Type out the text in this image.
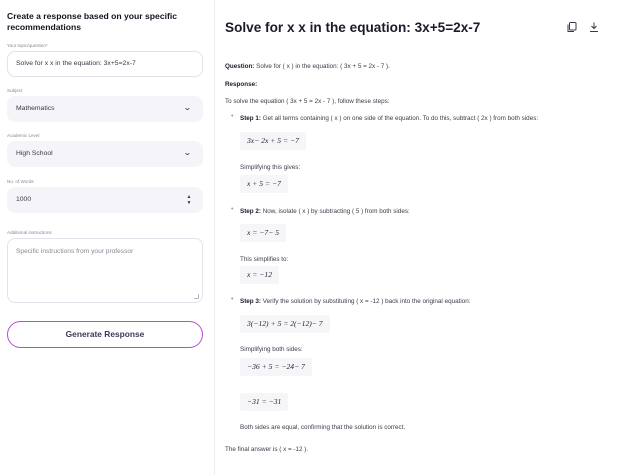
Create a response based on your specific recommendations
Your topic/question*
Solve for x x in the equation: 3x+5=2x-7
Subject
Mathematics	⌄
Academic Level
High School	⌄
No. of Words
1000	▲
▼
Additional instructions
Specific instructions from your professor
Generate Response
Solve for x x in the equation: 3x+5=2x-7
Question: Solve for ( x ) in the equation: ( 3x + 5 = 2x - 7 ).
Response:
To solve the equation ( 3x + 5 = 2x - 7 ), follow these steps:
• Step 1: Get all terms containing ( x ) on one side of the equation. To do this, subtract ( 2x ) from both sides:
3x− 2x + 5 = −7
Simplifying this gives:
x + 5 = −7
• Step 2: Now, isolate ( x ) by subtracting ( 5 ) from both sides:
x = −7− 5
This simplifies to:
x = −12
• Step 3: Verify the solution by substituting ( x = -12 ) back into the original equation:
3(−12) + 5 = 2(−12)− 7
Simplifying both sides:
−36 + 5 = −24− 7
−31 = −31
Both sides are equal, confirming that the solution is correct.
The final answer is ( x = -12 ).
